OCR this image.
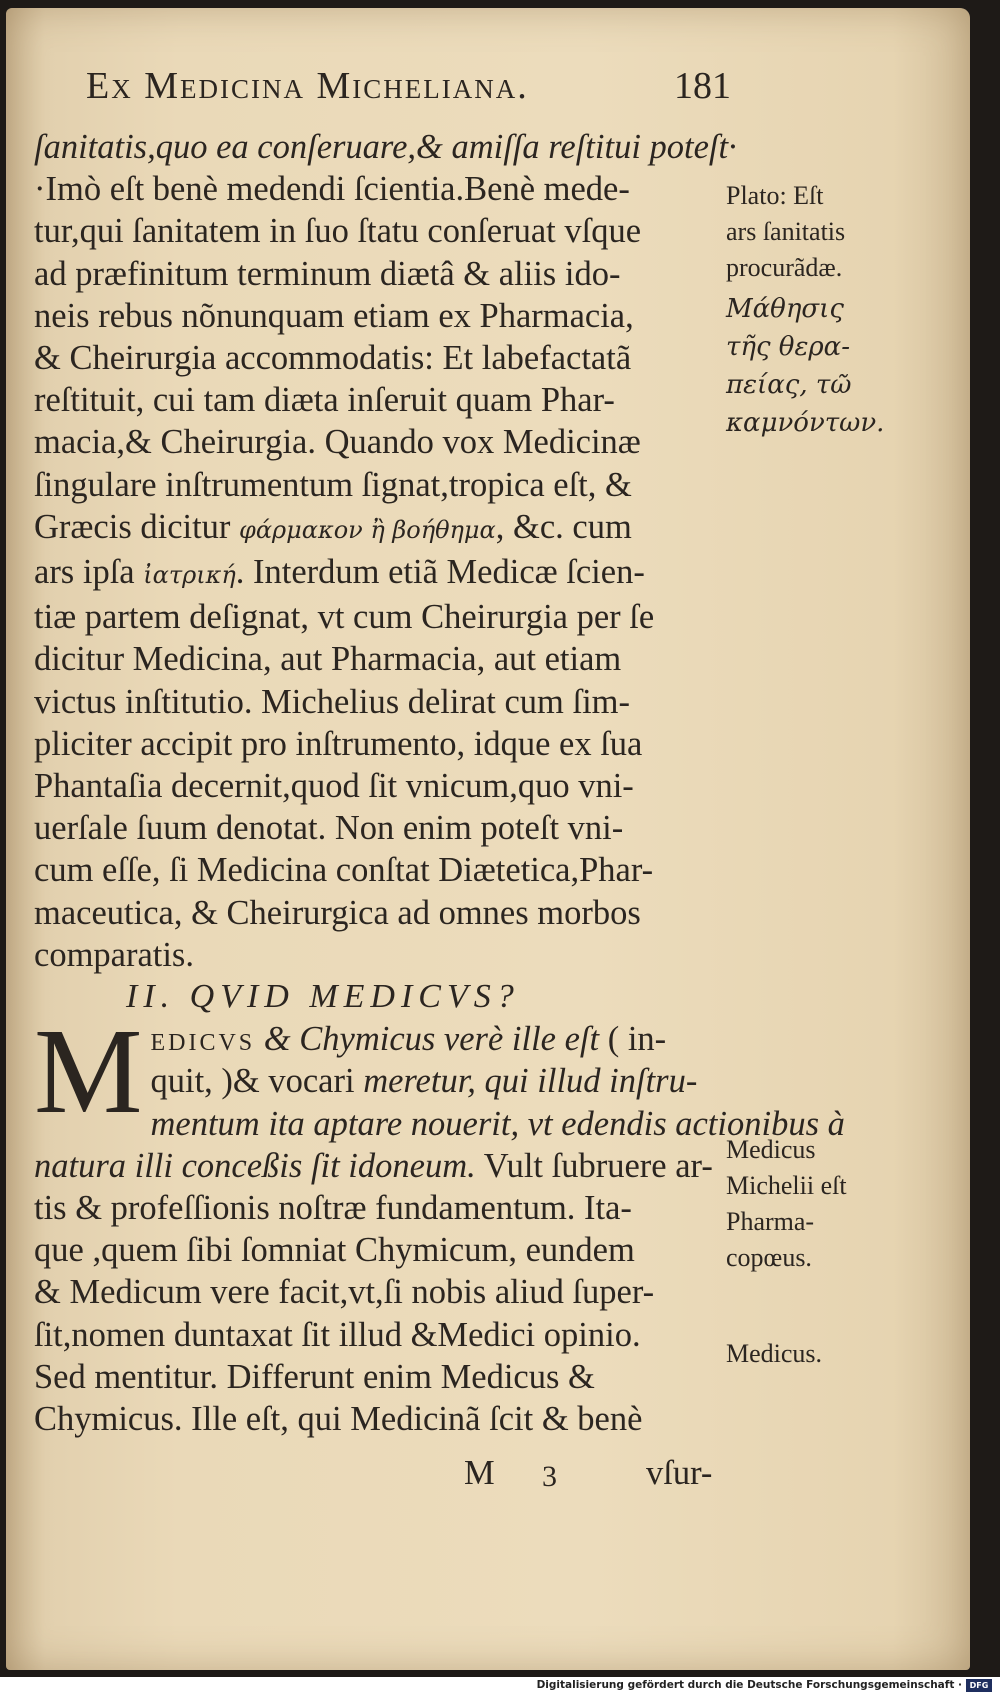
Ex Medicina Micheliana.	181
ſanitatis,quo ea conſeruare,& amiſſa reſtitui poteſt·
·Imò eſt benè medendi ſcientia.Benè mede-
tur,qui ſanitatem in ſuo ſtatu conſeruat vſque
ad præfinitum terminum diætâ & aliis ido-
neis rebus nõnunquam etiam ex Pharmacia,
& Cheirurgia accommodatis: Et labefactatã
reſtituit, cui tam diæta inſeruit quam Phar-
macia,& Cheirurgia. Quando vox Medicinæ
ſingulare inſtrumentum ſignat,tropica eſt, &
Græcis dicitur φάρμακον ἢ βοήθημα, &c. cum
ars ipſa ἰατρική. Interdum etiã Medicæ ſcien-
tiæ partem deſignat, vt cum Cheirurgia per ſe
dicitur Medicina, aut Pharmacia, aut etiam
victus inſtitutio. Michelius delirat cum ſim-
pliciter accipit pro inſtrumento, idque ex ſua
Phantaſia decernit,quod ſit vnicum,quo vni-
uerſale ſuum denotat. Non enim poteſt vni-
cum eſſe, ſi Medicina conſtat Diætetica,Phar-
maceutica, & Cheirurgica ad omnes morbos
comparatis.
II. QVID MEDICVS?
M edicvs & Chymicus verè ille eſt ( in-
quit, )& vocari meretur, qui illud inſtru-
mentum ita aptare nouerit, vt edendis actionibus à
natura illi conceßis ſit idoneum. Vult ſubruere ar-
tis & profeſſionis noſtræ fundamentum. Ita-
que ,quem ſibi ſomniat Chymicum, eundem
& Medicum vere facit,vt,ſi nobis aliud ſuper-
ſit,nomen duntaxat ſit illud &Medici opinio.
Sed mentitur. Differunt enim Medicus &
Chymicus. Ille eſt, qui Medicinã ſcit & benè
M 3	vſur-
Plato: Eſt
ars ſanitatis
procurãdæ.
Μάθησις
τῆς θερα-
πείας, τῶ
καμνόντων.
Medicus
Michelii eſt
Pharma-
copœus.
Medicus.
Digitalisierung gefördert durch die Deutsche Forschungsgemeinschaft · DFG
